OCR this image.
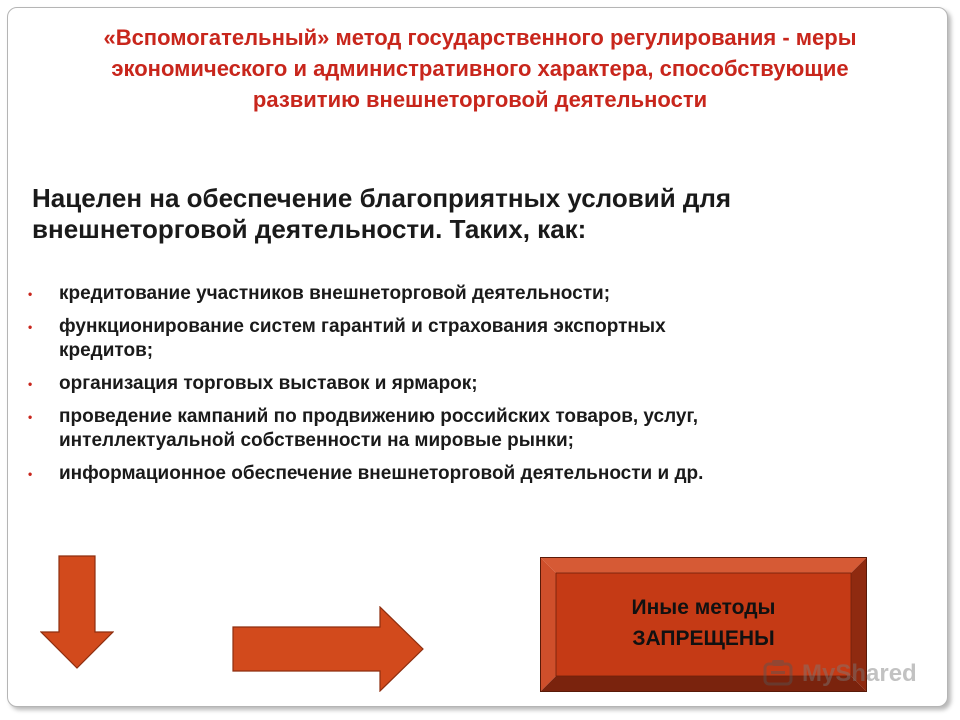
«Вспомогательный» метод государственного регулирования - меры
экономического и административного характера, способствующие
развитию внешнеторговой деятельности

Нацелен на обеспечение благоприятных условий для
внешнеторговой деятельности. Таких, как:

• кредитование участников внешнеторговой деятельности;
• функционирование систем гарантий и страхования экспортных
кредитов;
• организация торговых выставок и ярмарок;
• проведение кампаний по продвижению российских товаров, услуг,
интеллектуальной собственности на мировые рынки;
• информационное обеспечение внешнеторговой деятельности и др.
Иные методы
ЗАПРЕЩЕНЫ
MyShared
